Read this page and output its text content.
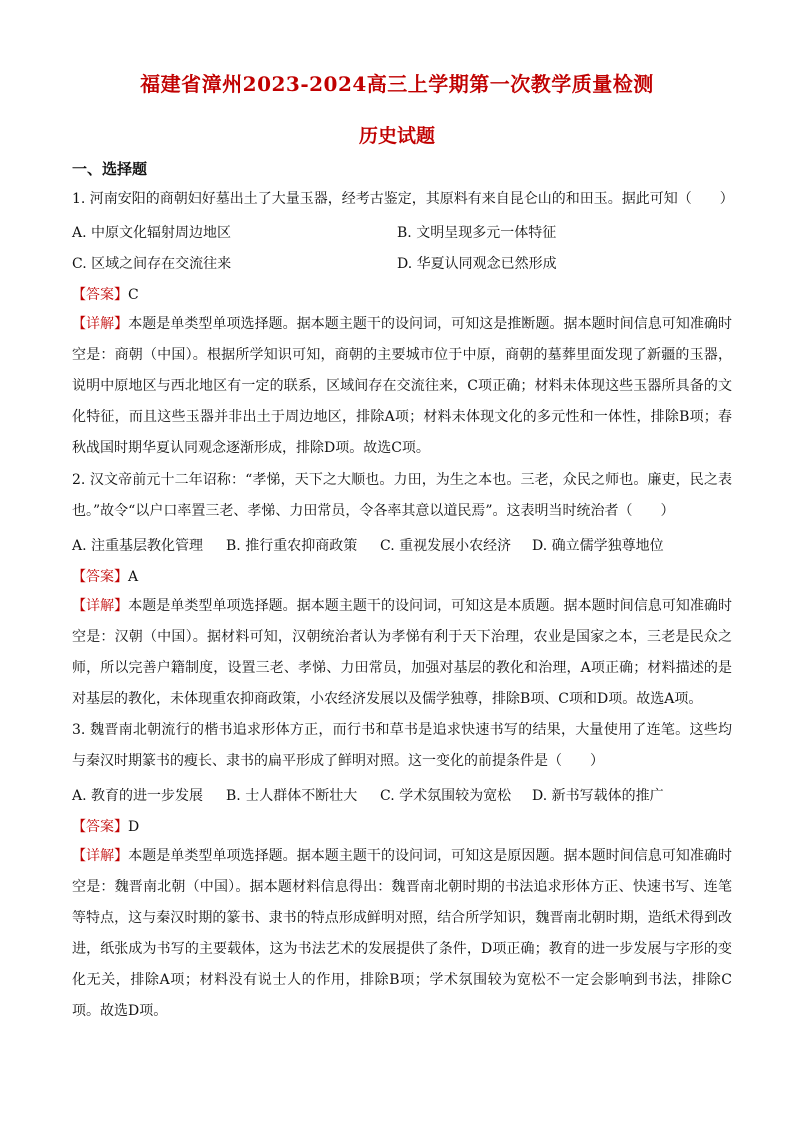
福建省漳州2023-2024高三上学期第一次教学质量检测
历史试题
一、选择题
1. 河南安阳的商朝妇好墓出土了大量玉器，经考古鉴定，其原料有来自昆仑山的和田玉。据此可知（　　）
A. 中原文化辐射周边地区	B. 文明呈现多元一体特征
C. 区域之间存在交流往来	D. 华夏认同观念已然形成
【答案】C
【详解】本题是单类型单项选择题。据本题主题干的设问词，可知这是推断题。据本题时间信息可知准确时空是：商朝（中国）。根据所学知识可知，商朝的主要城市位于中原，商朝的墓葬里面发现了新疆的玉器，说明中原地区与西北地区有一定的联系，区域间存在交流往来，C项正确；材料未体现这些玉器所具备的文化特征，而且这些玉器并非出土于周边地区，排除A项；材料未体现文化的多元性和一体性，排除B项；春秋战国时期华夏认同观念逐渐形成，排除D项。故选C项。
2. 汉文帝前元十二年诏称：“孝悌，天下之大顺也。力田，为生之本也。三老，众民之师也。廉吏，民之表也。”故令“以户口率置三老、孝悌、力田常员，令各率其意以道民焉”。这表明当时统治者（　　）
A. 注重基层教化管理 B. 推行重农抑商政策 C. 重视发展小农经济 D. 确立儒学独尊地位
【答案】A
【详解】本题是单类型单项选择题。据本题主题干的设问词，可知这是本质题。据本题时间信息可知准确时空是：汉朝（中国）。据材料可知，汉朝统治者认为孝悌有利于天下治理，农业是国家之本，三老是民众之师，所以完善户籍制度，设置三老、孝悌、力田常员，加强对基层的教化和治理，A项正确；材料描述的是对基层的教化，未体现重农抑商政策，小农经济发展以及儒学独尊，排除B项、C项和D项。故选A项。
3. 魏晋南北朝流行的楷书追求形体方正，而行书和草书是追求快速书写的结果，大量使用了连笔。这些均与秦汉时期篆书的瘦长、隶书的扁平形成了鲜明对照。这一变化的前提条件是（　　）
A. 教育的进一步发展 B. 士人群体不断壮大 C. 学术氛围较为宽松 D. 新书写载体的推广
【答案】D
【详解】本题是单类型单项选择题。据本题主题干的设问词，可知这是原因题。据本题时间信息可知准确时空是：魏晋南北朝（中国）。据本题材料信息得出：魏晋南北朝时期的书法追求形体方正、快速书写、连笔等特点，这与秦汉时期的篆书、隶书的特点形成鲜明对照，结合所学知识，魏晋南北朝时期，造纸术得到改进，纸张成为书写的主要载体，这为书法艺术的发展提供了条件，D项正确；教育的进一步发展与字形的变化无关，排除A项；材料没有说士人的作用，排除B项；学术氛围较为宽松不一定会影响到书法，排除C项。故选D项。
